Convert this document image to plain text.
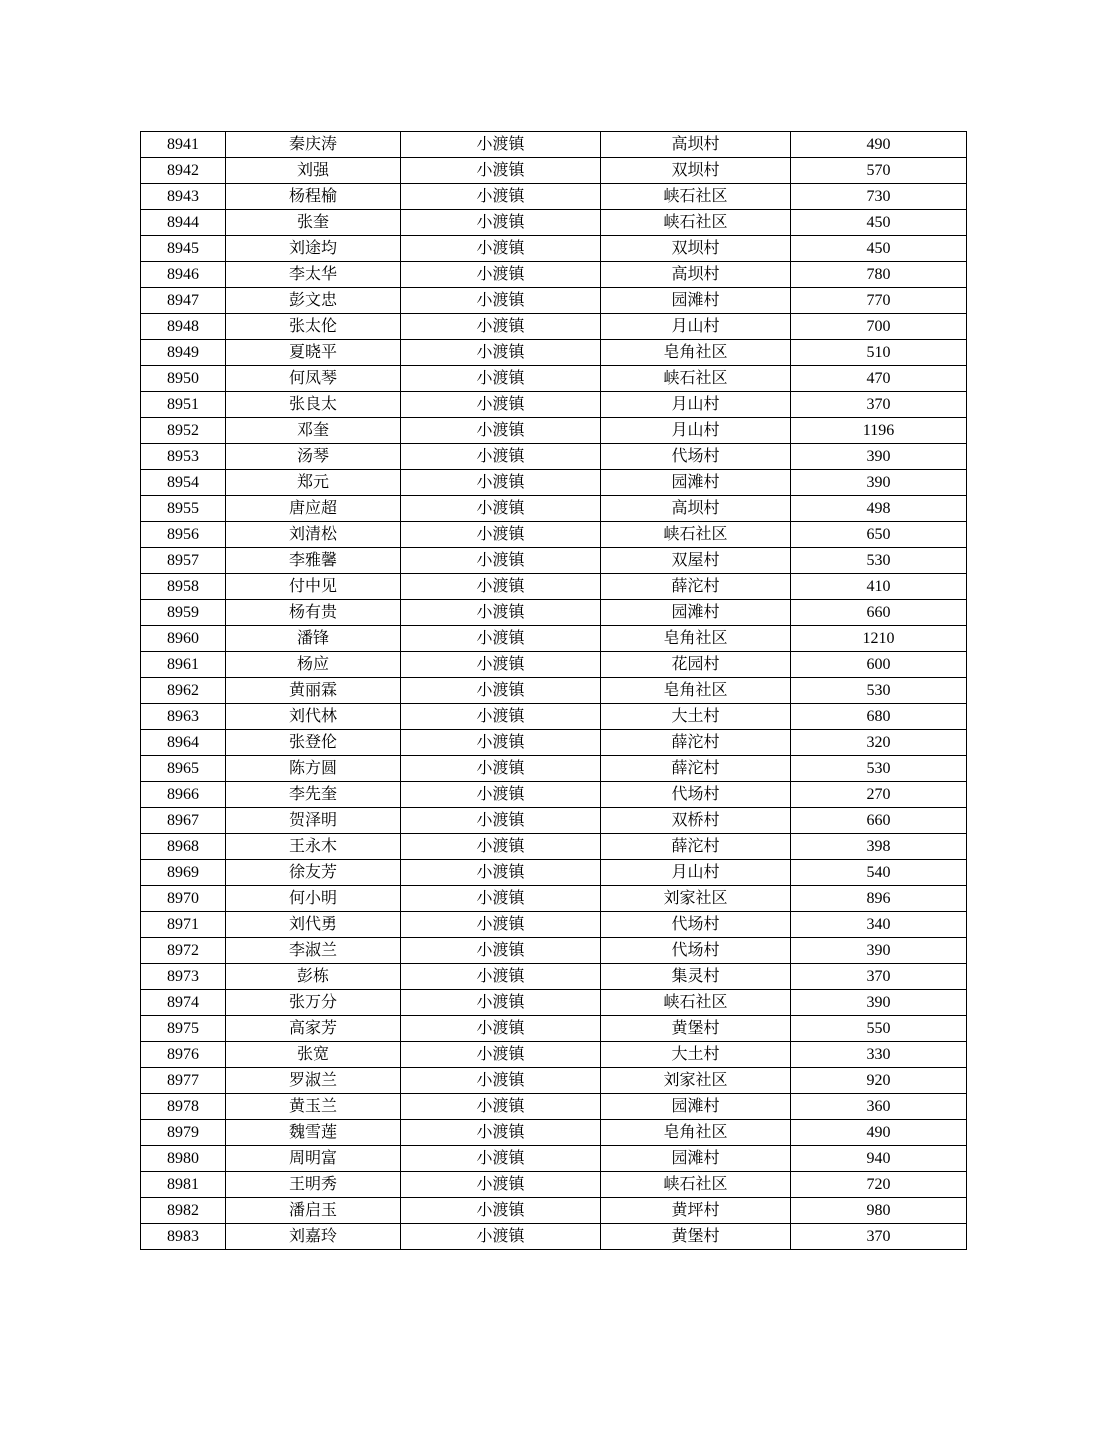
8941	秦庆涛	小渡镇	高坝村	490
8942	刘强	小渡镇	双坝村	570
8943	杨程榆	小渡镇	峡石社区	730
8944	张奎	小渡镇	峡石社区	450
8945	刘途均	小渡镇	双坝村	450
8946	李太华	小渡镇	高坝村	780
8947	彭文忠	小渡镇	园滩村	770
8948	张太伦	小渡镇	月山村	700
8949	夏晓平	小渡镇	皂角社区	510
8950	何凤琴	小渡镇	峡石社区	470
8951	张良太	小渡镇	月山村	370
8952	邓奎	小渡镇	月山村	1196
8953	汤琴	小渡镇	代场村	390
8954	郑元	小渡镇	园滩村	390
8955	唐应超	小渡镇	高坝村	498
8956	刘清松	小渡镇	峡石社区	650
8957	李雅馨	小渡镇	双屋村	530
8958	付中见	小渡镇	薛沱村	410
8959	杨有贵	小渡镇	园滩村	660
8960	潘锋	小渡镇	皂角社区	1210
8961	杨应	小渡镇	花园村	600
8962	黄丽霖	小渡镇	皂角社区	530
8963	刘代林	小渡镇	大土村	680
8964	张登伦	小渡镇	薛沱村	320
8965	陈方圆	小渡镇	薛沱村	530
8966	李先奎	小渡镇	代场村	270
8967	贺泽明	小渡镇	双桥村	660
8968	王永木	小渡镇	薛沱村	398
8969	徐友芳	小渡镇	月山村	540
8970	何小明	小渡镇	刘家社区	896
8971	刘代勇	小渡镇	代场村	340
8972	李淑兰	小渡镇	代场村	390
8973	彭栋	小渡镇	集灵村	370
8974	张万分	小渡镇	峡石社区	390
8975	高家芳	小渡镇	黄堡村	550
8976	张宽	小渡镇	大土村	330
8977	罗淑兰	小渡镇	刘家社区	920
8978	黄玉兰	小渡镇	园滩村	360
8979	魏雪莲	小渡镇	皂角社区	490
8980	周明富	小渡镇	园滩村	940
8981	王明秀	小渡镇	峡石社区	720
8982	潘启玉	小渡镇	黄坪村	980
8983	刘嘉玲	小渡镇	黄堡村	370
